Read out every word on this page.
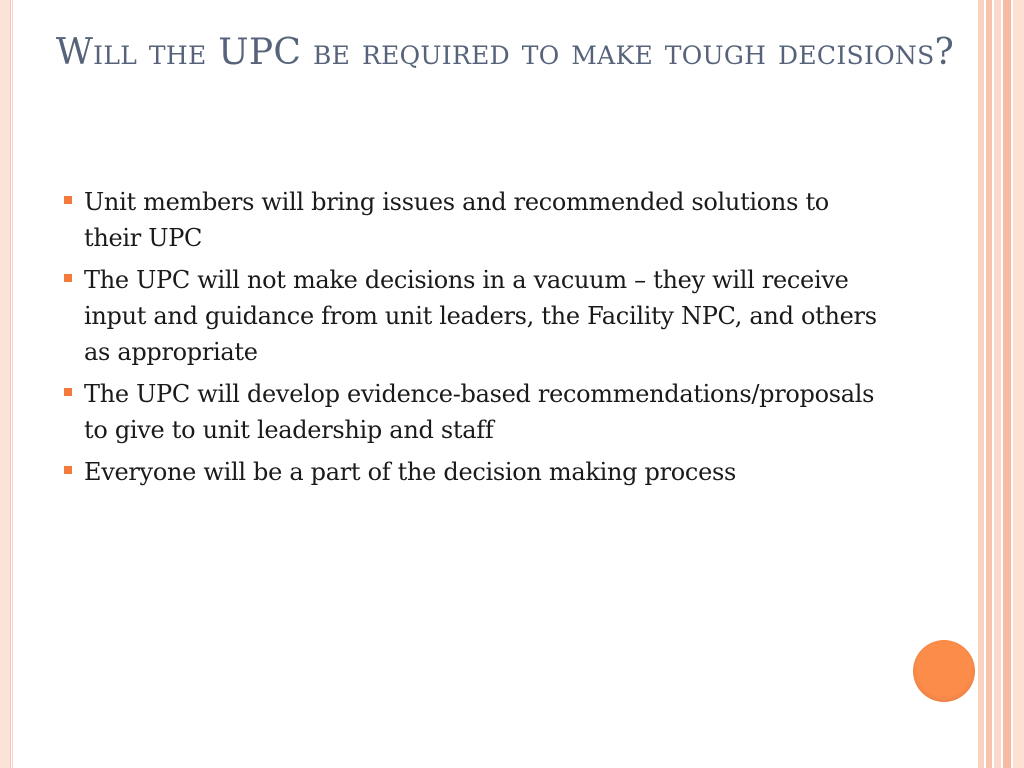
Will the UPC be required to make tough decisions?
Unit members will bring issues and recommended solutions to their UPC
The UPC will not make decisions in a vacuum – they will receive input and guidance from unit leaders, the Facility NPC, and others as appropriate
The UPC will develop evidence-based recommendations/proposals to give to unit leadership and staff
Everyone will be a part of the decision making process
